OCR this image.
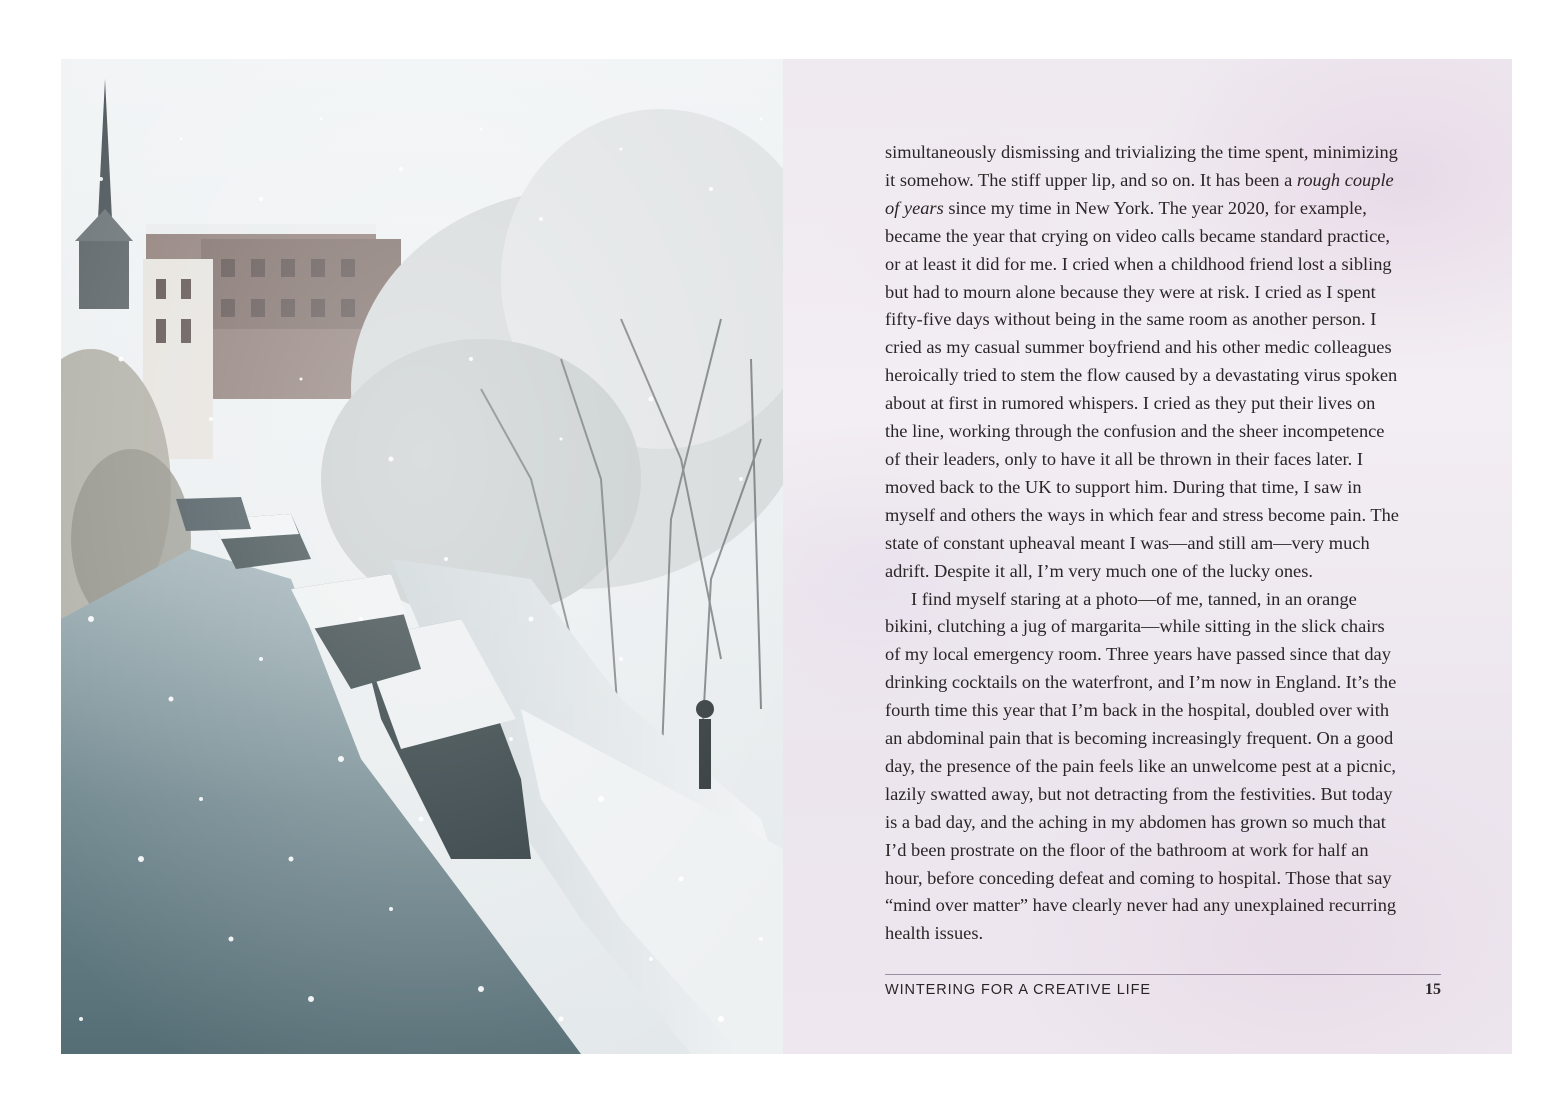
simultaneously dismissing and trivializing the time spent, minimizing
it somehow. The stiff upper lip, and so on. It has been a rough couple
of years since my time in New York. The year 2020, for example,
became the year that crying on video calls became standard practice,
or at least it did for me. I cried when a childhood friend lost a sibling
but had to mourn alone because they were at risk. I cried as I spent
fifty-five days without being in the same room as another person. I
cried as my casual summer boyfriend and his other medic colleagues
heroically tried to stem the flow caused by a devastating virus spoken
about at first in rumored whispers. I cried as they put their lives on
the line, working through the confusion and the sheer incompetence
of their leaders, only to have it all be thrown in their faces later. I
moved back to the UK to support him. During that time, I saw in
myself and others the ways in which fear and stress become pain. The
state of constant upheaval meant I was—and still am—very much
adrift. Despite it all, I’m very much one of the lucky ones.
I find myself staring at a photo—of me, tanned, in an orange
bikini, clutching a jug of margarita—while sitting in the slick chairs
of my local emergency room. Three years have passed since that day
drinking cocktails on the waterfront, and I’m now in England. It’s the
fourth time this year that I’m back in the hospital, doubled over with
an abdominal pain that is becoming increasingly frequent. On a good
day, the presence of the pain feels like an unwelcome pest at a picnic,
lazily swatted away, but not detracting from the festivities. But today
is a bad day, and the aching in my abdomen has grown so much that
I’d been prostrate on the floor of the bathroom at work for half an
hour, before conceding defeat and coming to hospital. Those that say
“mind over matter” have clearly never had any unexplained recurring
health issues.
WINTERING FOR A CREATIVE LIFE	15
